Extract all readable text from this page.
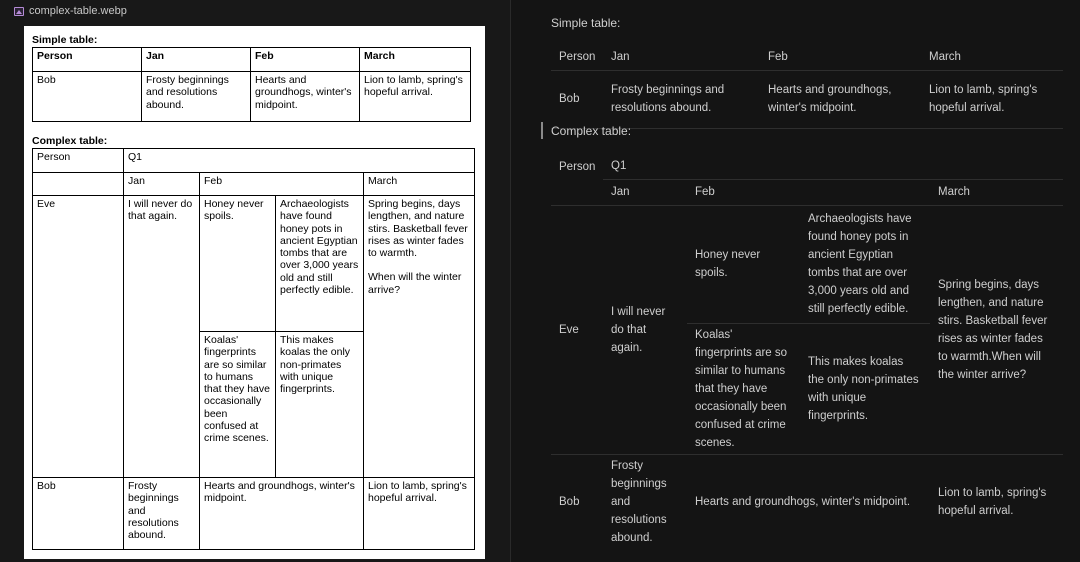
complex-table.webp
Simple table:
Person	Jan	Feb	March
Bob	Frosty beginnings and resolutions abound.	Hearts and groundhogs, winter's midpoint.	Lion to lamb, spring's hopeful arrival.
Complex table:
Person	Q1			
	Jan	Feb		March
Eve	I will never do that again.	Honey never spoils.	Archaeologists have found honey pots in ancient Egyptian tombs that are over 3,000 years old and still perfectly edible.	Spring begins, days lengthen, and nature stirs. Basketball fever rises as winter fades to warmth.
When will the winter arrive?

		Koalas' fingerprints are so similar to humans that they have occasionally been confused at crime scenes.	This makes koalas the only non-primates with unique fingerprints.	
Bob	Frosty beginnings and resolutions abound.	Hearts and groundhogs, winter's midpoint.		Lion to lamb, spring's hopeful arrival.
Simple table:
Person	Jan	Feb	March
Bob	Frosty beginnings and resolutions abound.	Hearts and groundhogs, winter's midpoint.	Lion to lamb, spring's hopeful arrival.
Complex table:
Person	Q1			
	Jan	Feb		March
Eve	I will never do that again.	Honey never spoils.	Archaeologists have found honey pots in ancient Egyptian tombs that are over 3,000 years old and still perfectly edible.	Spring begins, days lengthen, and nature stirs. Basketball fever rises as winter fades to warmth.When will the winter arrive?
		Koalas' fingerprints are so similar to humans that they have occasionally been confused at crime scenes.	This makes koalas the only non-primates with unique fingerprints.	
Bob	Frosty beginnings and resolutions abound.	Hearts and groundhogs, winter's midpoint.		Lion to lamb, spring's hopeful arrival.
